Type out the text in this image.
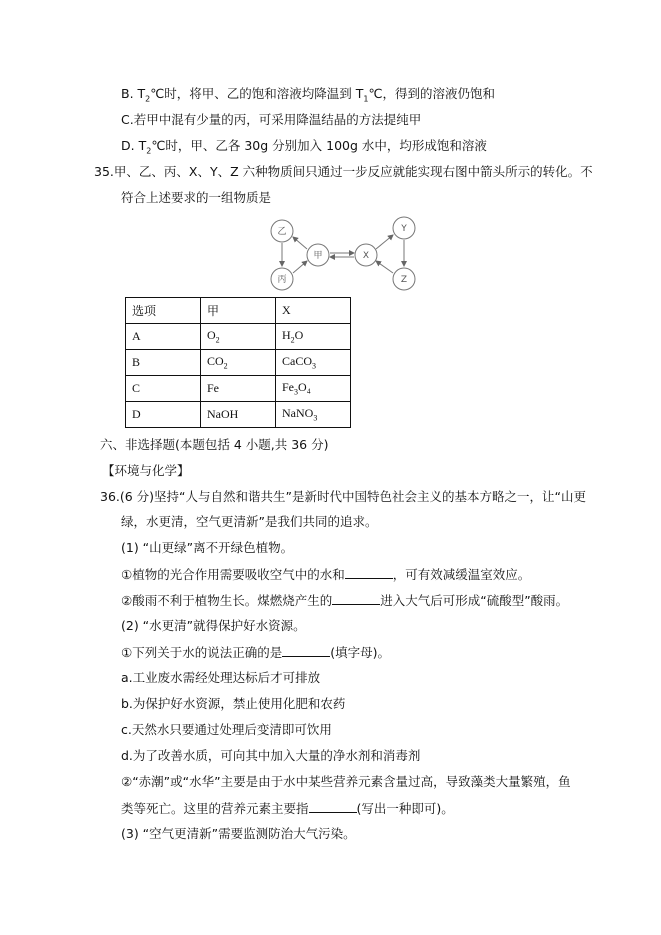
B. $T_2℃$时，将甲、乙的饱和溶液均降温到 $T_1℃$，得到的溶液仍饱和
C.若甲中混有少量的丙，可采用降温结晶的方法提纯甲
D. $T_2℃$时，甲、乙各 30g 分别加入 100g 水中，均形成饱和溶液
35.甲、乙、丙、X、Y、Z 六种物质间只通过一步反应就能实现右图中箭头所示的转化。不
符合上述要求的一组物质是
乙
丙
甲	X
Y
Z
选项	甲	X
A	$O_2$	$H_2O$
B	$CO_2$	CaCO$_3$
C	Fe	$Fe_3O_4$
D	NaOH	NaNO$_3$
六、非选择题(本题包括 4 小题,共 36 分)
【环境与化学】
36.(6 分)坚持“人与自然和谐共生”是新时代中国特色社会主义的基本方略之一，让“山更
绿，水更清，空气更清新”是我们共同的追求。
(1) “山更绿”离不开绿色植物。
①植物的光合作用需要吸收空气中的水和	，可有效减缓温室效应。
②酸雨不利于植物生长。煤燃烧产生的	进入大气后可形成“硫酸型”酸雨。
(2) “水更清”就得保护好水资源。
①下列关于水的说法正确的是	(填字母)。
a.工业废水需经处理达标后才可排放
b.为保护好水资源，禁止使用化肥和农药
c.天然水只要通过处理后变清即可饮用
d.为了改善水质，可向其中加入大量的净水剂和消毒剂
②“赤潮”或“水华”主要是由于水中某些营养元素含量过高，导致藻类大量繁殖，鱼
类等死亡。这里的营养元素主要指	(写出一种即可)。
(3) “空气更清新”需要监测防治大气污染。
